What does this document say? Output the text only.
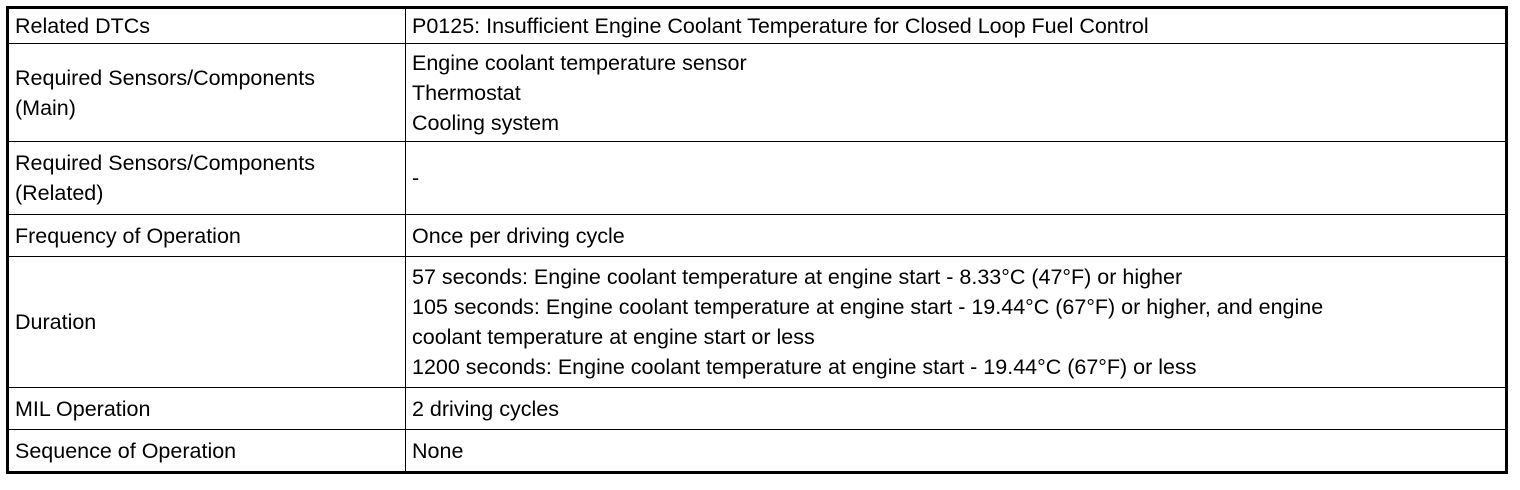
Related DTCs	P0125: Insufficient Engine Coolant Temperature for Closed Loop Fuel Control

Required Sensors/Components
(Main)	Engine coolant temperature sensor
Thermostat
Cooling system

Required Sensors/Components
(Related)	-

Frequency of Operation	Once per driving cycle

Duration	57 seconds: Engine coolant temperature at engine start - 8.33°C (47°F) or higher
105 seconds: Engine coolant temperature at engine start - 19.44°C (67°F) or higher, and engine
coolant temperature at engine start or less
1200 seconds: Engine coolant temperature at engine start - 19.44°C (67°F) or less

MIL Operation	2 driving cycles

Sequence of Operation	None
